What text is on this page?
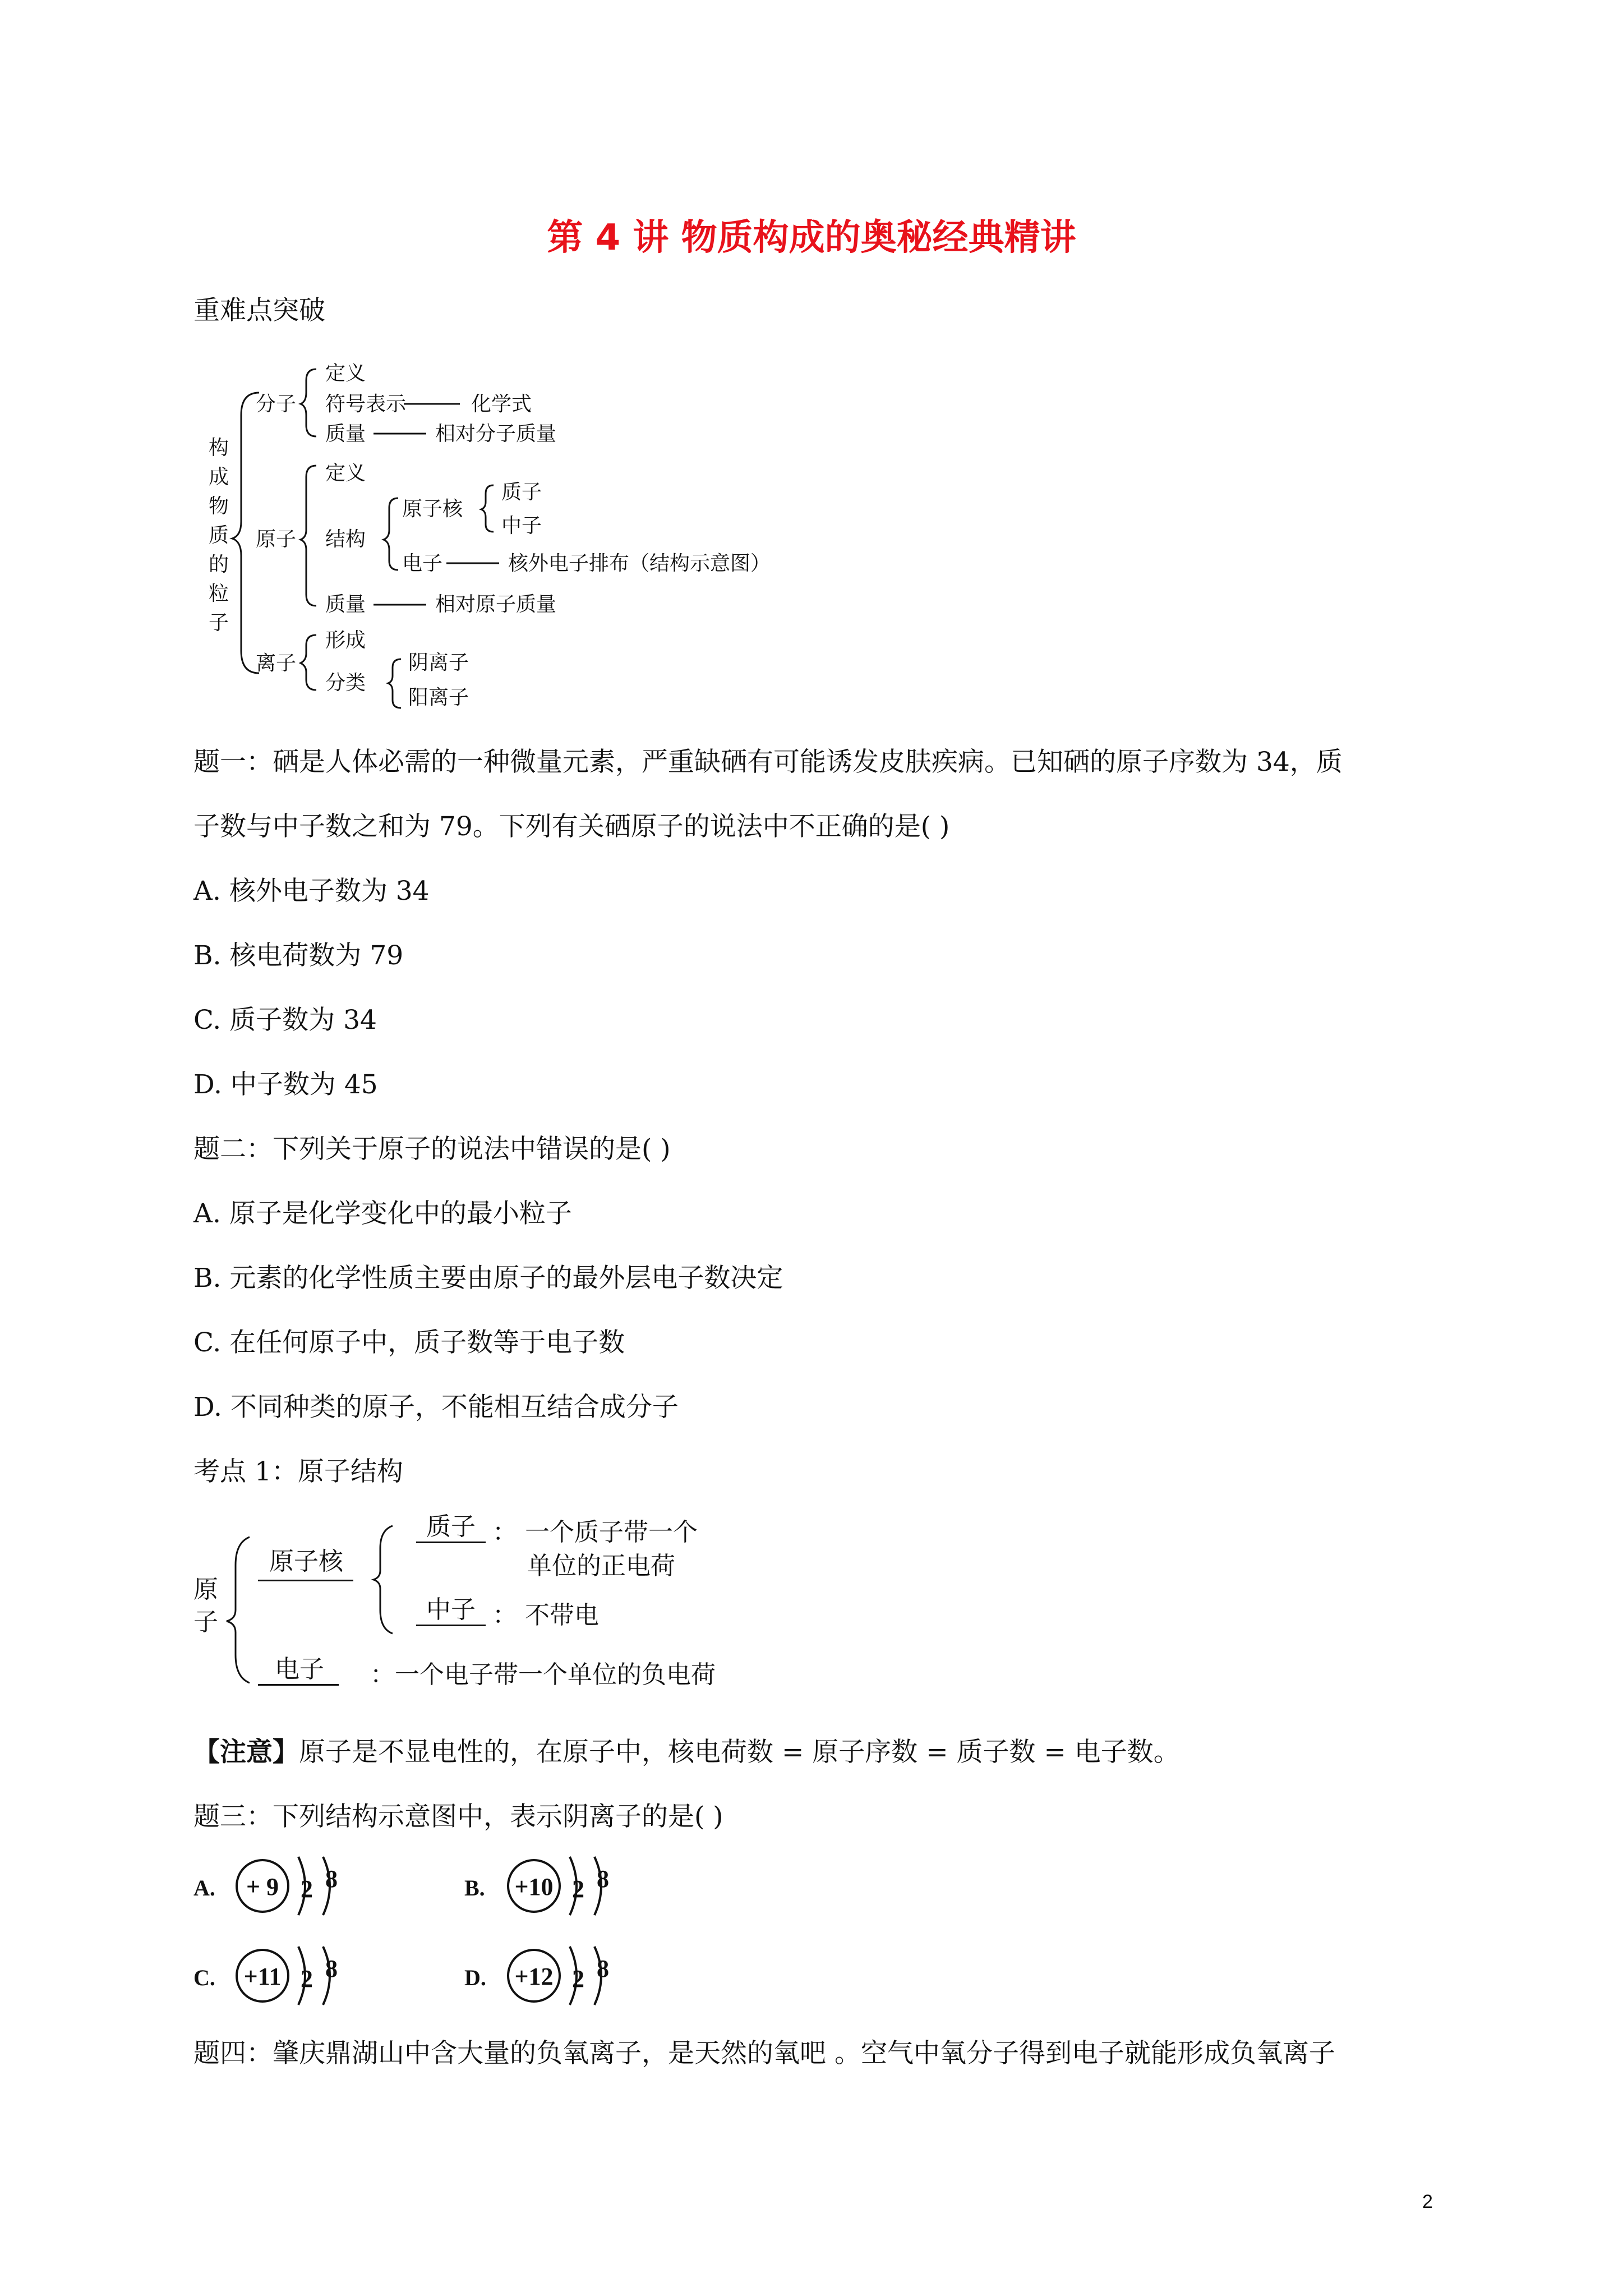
第 4 讲 物质构成的奥秘经典精讲
重难点突破
构
成
物
质
的
粒
子
分子
定义
符号表示	化学式
质量	相对分子质量
原子
定义
结构
原子核
质子
中子
电子	核外电子排布（结构示意图）
质量	相对原子质量
离子
形成
分类
阴离子
阳离子
题一：硒是人体必需的一种微量元素，严重缺硒有可能诱发皮肤疾病。已知硒的原子序数为 34，质
子数与中子数之和为 79。下列有关硒原子的说法中不正确的是( )
A. 核外电子数为 34
B. 核电荷数为 79
C. 质子数为 34
D. 中子数为 45
题二：下列关于原子的说法中错误的是( )
A. 原子是化学变化中的最小粒子
B. 元素的化学性质主要由原子的最外层电子数决定
C. 在任何原子中，质子数等于电子数
D. 不同种类的原子，不能相互结合成分子
考点 1：原子结构
原
子
原子核
质子 ： 一个质子带一个
单位的正电荷
中子 ： 不带电
电子	：一个电子带一个单位的负电荷
【注意】原子是不显电性的，在原子中，核电荷数 = 原子序数 = 质子数 = 电子数。
题三：下列结构示意图中，表示阴离子的是( )
A.	+ 9 2 8	B. +10 2 8
C. +11 2 8	D. +12 2 8
题四：肇庆鼎湖山中含大量的负氧离子，是天然的氧吧 。空气中氧分子得到电子就能形成负氧离子
2
